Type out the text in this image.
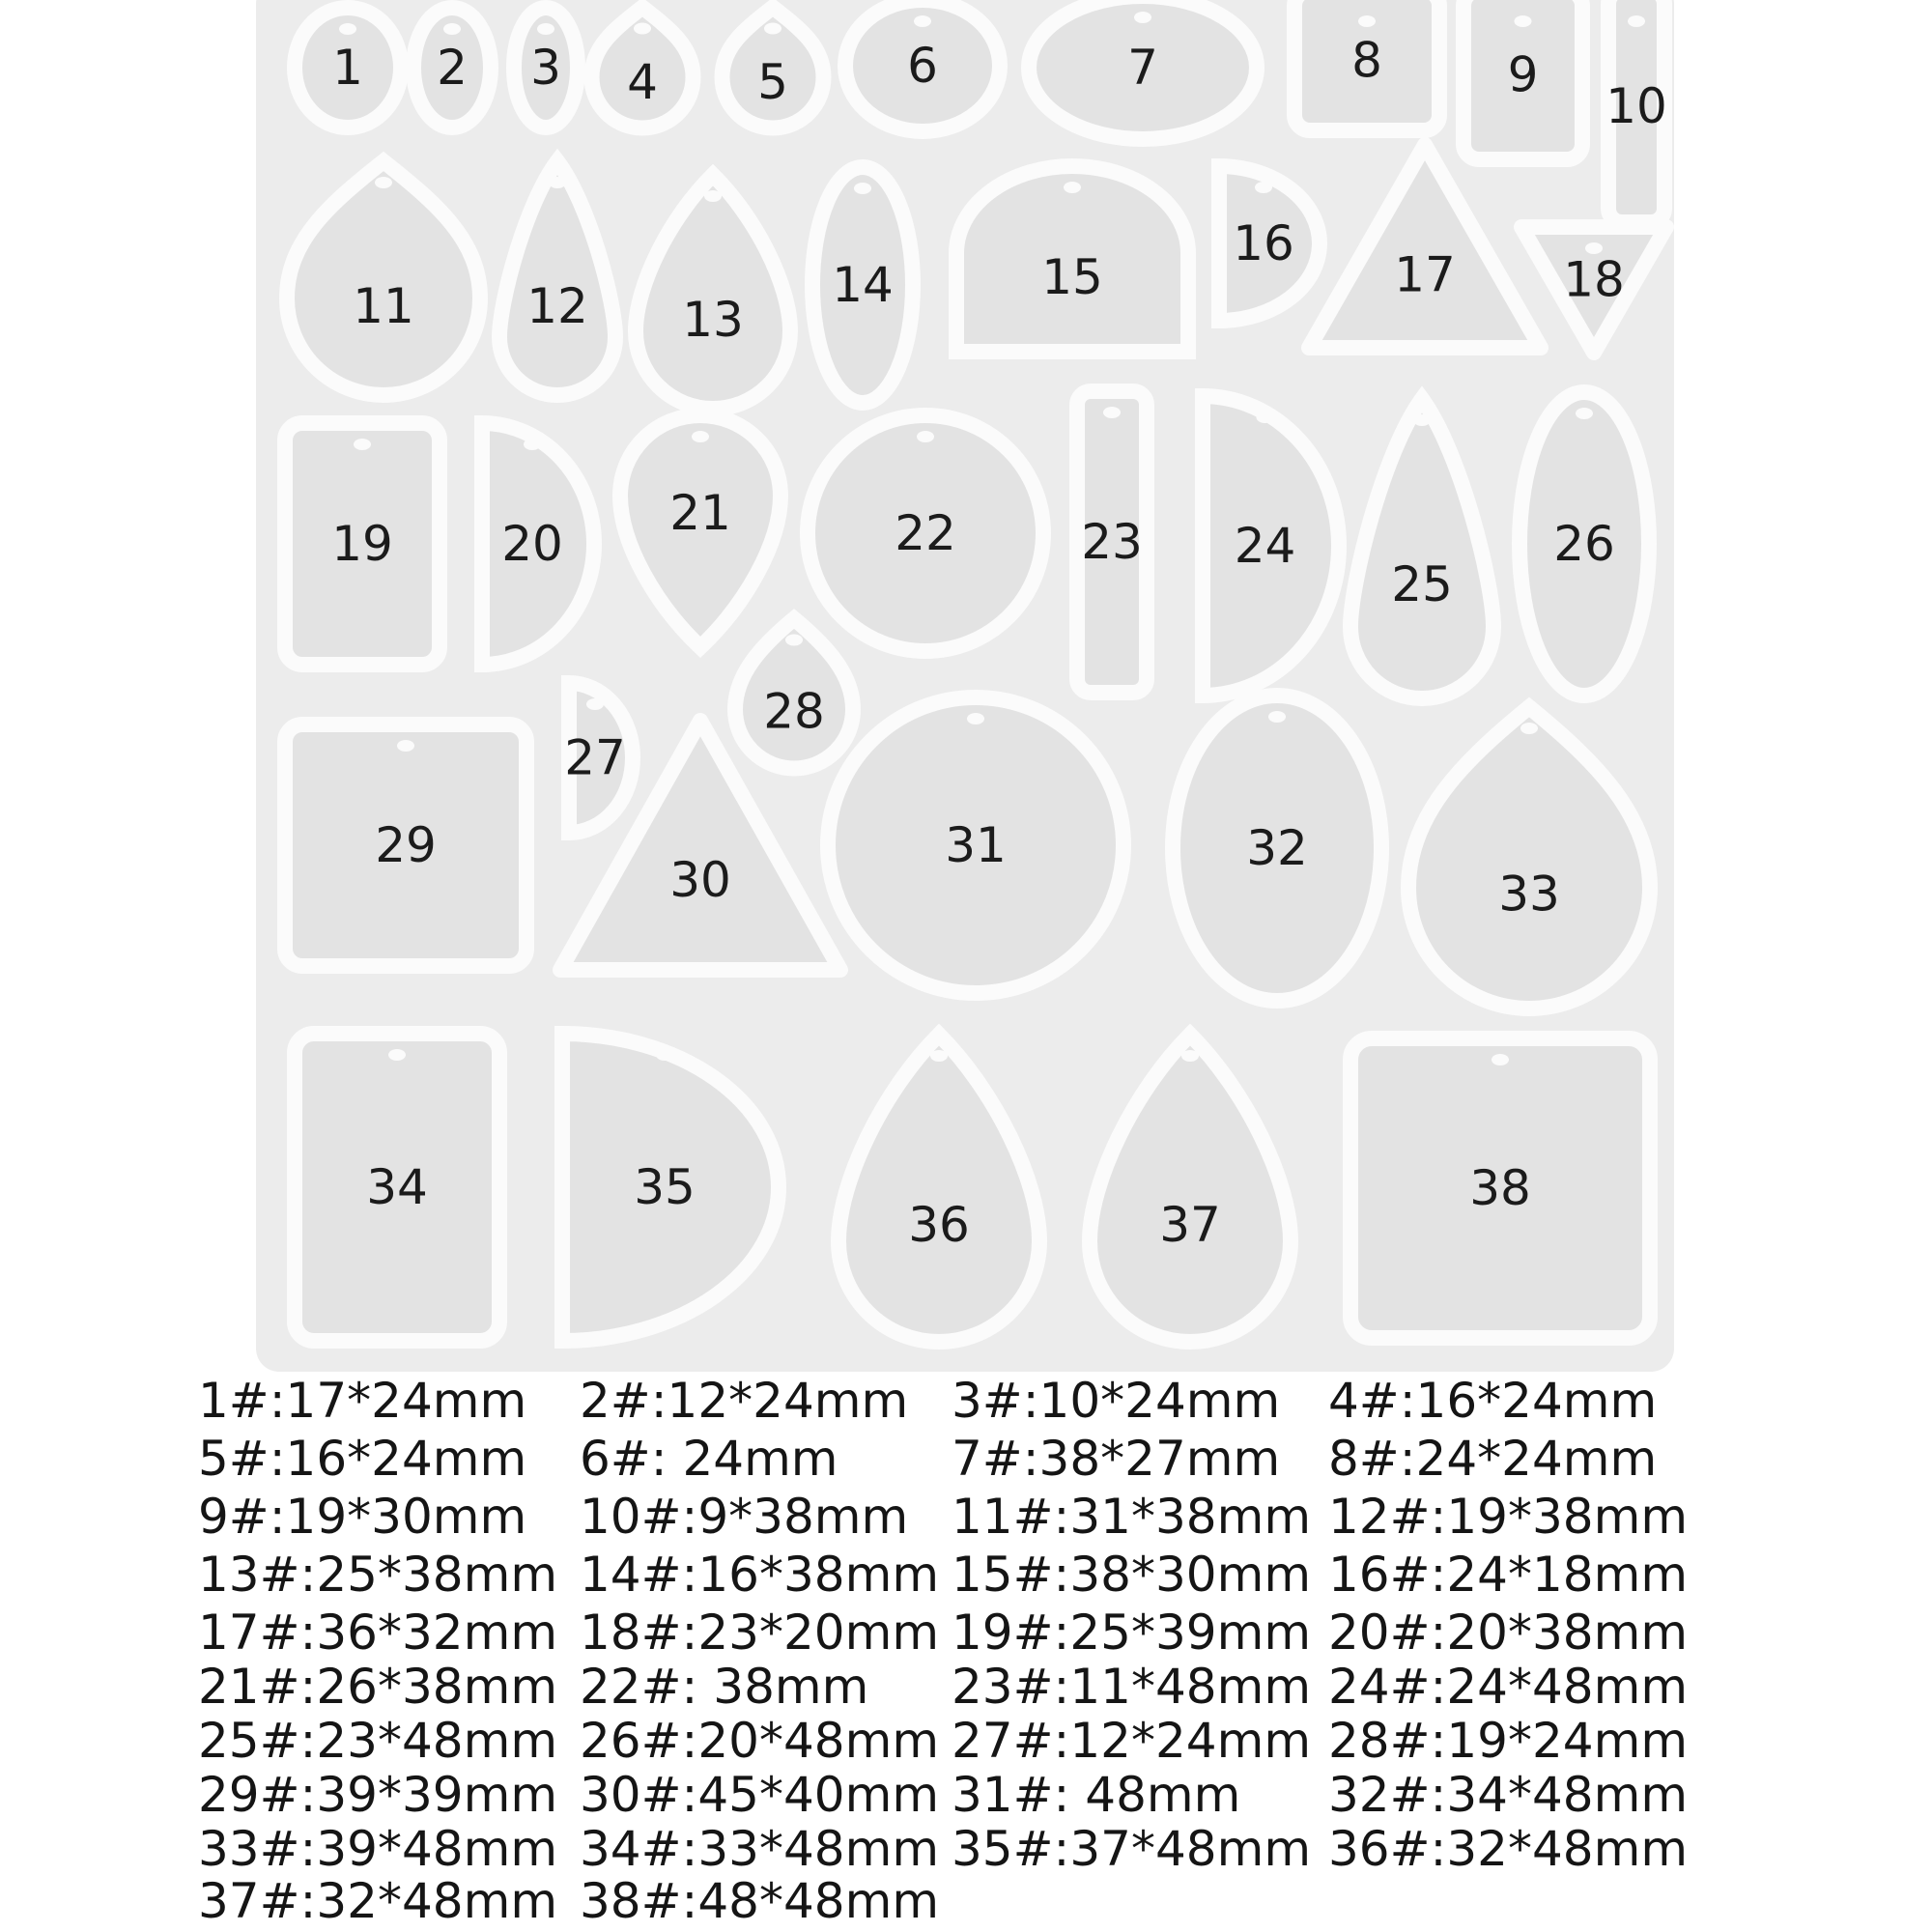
1 2 3 4 5 6	7	8	9
10
11 12 13
14	15
16
17 18
19 20
21	22	23 24
25
26
27
28
29
30
31	32
33
34	35
36	37
38
1#:17*24mm 2#:12*24mm 3#:10*24mm 4#:16*24mm
5#:16*24mm 6#: 24mm 7#:38*27mm 8#:24*24mm
9#:19*30mm 10#:9*38mm 11#:31*38mm 12#:19*38mm
13#:25*38mm 14#:16*38mm 15#:38*30mm 16#:24*18mm
17#:36*32mm 18#:23*20mm 19#:25*39mm 20#:20*38mm
21#:26*38mm 22#: 38mm 23#:11*48mm 24#:24*48mm
25#:23*48mm 26#:20*48mm 27#:12*24mm 28#:19*24mm
29#:39*39mm 30#:45*40mm 31#: 48mm 32#:34*48mm
33#:39*48mm 34#:33*48mm 35#:37*48mm 36#:32*48mm
37#:32*48mm 38#:48*48mm
